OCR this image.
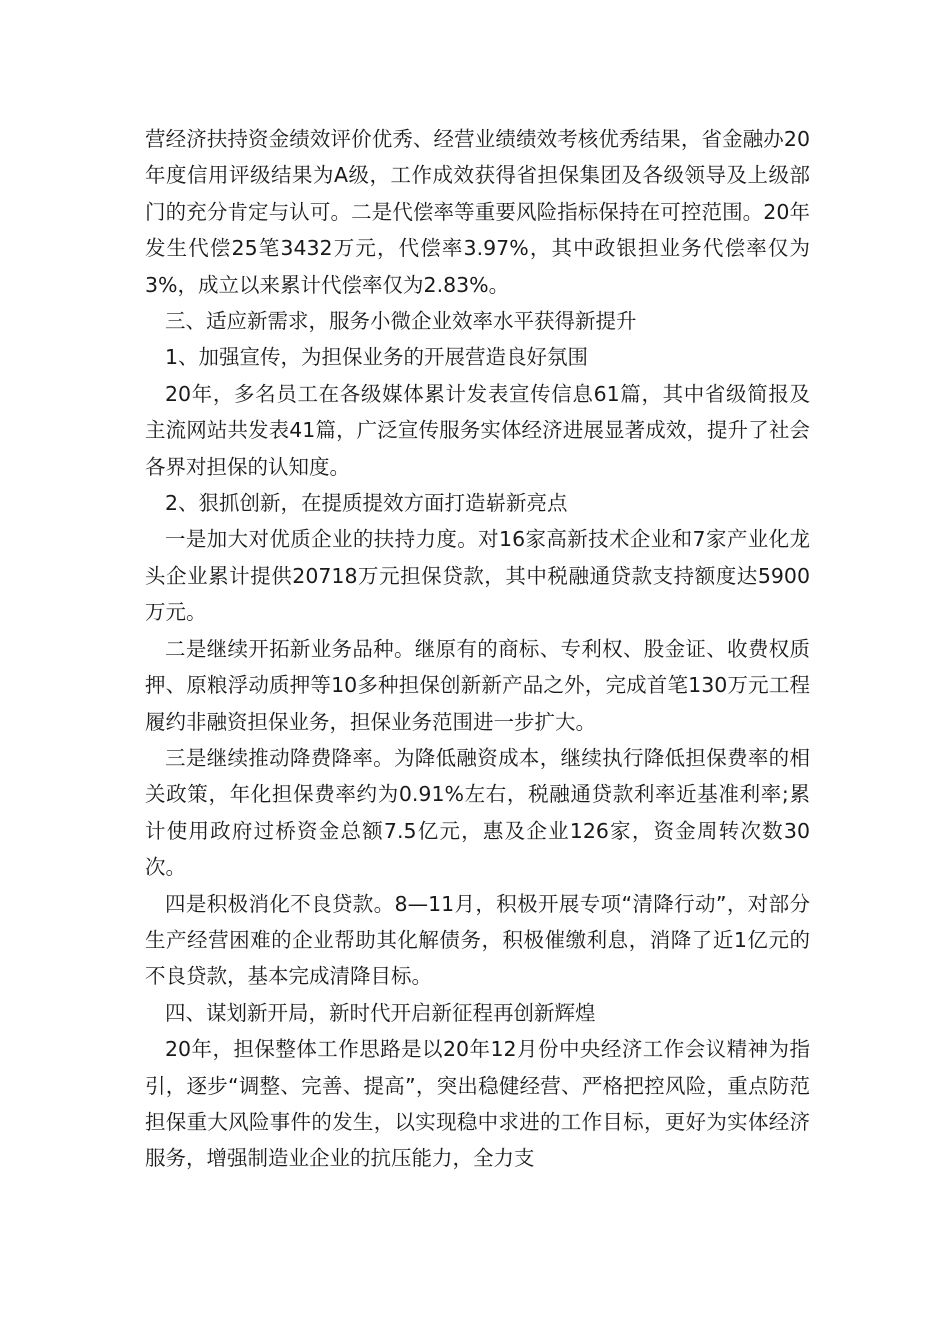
营经济扶持资金绩效评价优秀、经营业绩绩效考核优秀结果，省金融办20年度信用评级结果为A级，工作成效获得省担保集团及各级领导及上级部门的充分肯定与认可。二是代偿率等重要风险指标保持在可控范围。20年发生代偿25笔3432万元，代偿率3.97%，其中政银担业务代偿率仅为3%，成立以来累计代偿率仅为2.83%。

三、适应新需求，服务小微企业效率水平获得新提升

1、加强宣传，为担保业务的开展营造良好氛围

20年，多名员工在各级媒体累计发表宣传信息61篇，其中省级简报及主流网站共发表41篇，广泛宣传服务实体经济进展显著成效，提升了社会各界对担保的认知度。

2、狠抓创新，在提质提效方面打造崭新亮点

一是加大对优质企业的扶持力度。对16家高新技术企业和7家产业化龙头企业累计提供20718万元担保贷款，其中税融通贷款支持额度达5900万元。

二是继续开拓新业务品种。继原有的商标、专利权、股金证、收费权质押、原粮浮动质押等10多种担保创新新产品之外，完成首笔130万元工程履约非融资担保业务，担保业务范围进一步扩大。

三是继续推动降费降率。为降低融资成本，继续执行降低担保费率的相关政策，年化担保费率约为0.91%左右，税融通贷款利率近基准利率;累计使用政府过桥资金总额7.5亿元，惠及企业126家，资金周转次数30次。

四是积极消化不良贷款。8—11月，积极开展专项“清降行动”，对部分生产经营困难的企业帮助其化解债务，积极催缴利息，消降了近1亿元的不良贷款，基本完成清降目标。

四、谋划新开局，新时代开启新征程再创新辉煌

20年，担保整体工作思路是以20年12月份中央经济工作会议精神为指引，逐步“调整、完善、提高”，突出稳健经营、严格把控风险，重点防范担保重大风险事件的发生，以实现稳中求进的工作目标，更好为实体经济服务，增强制造业企业的抗压能力，全力支
